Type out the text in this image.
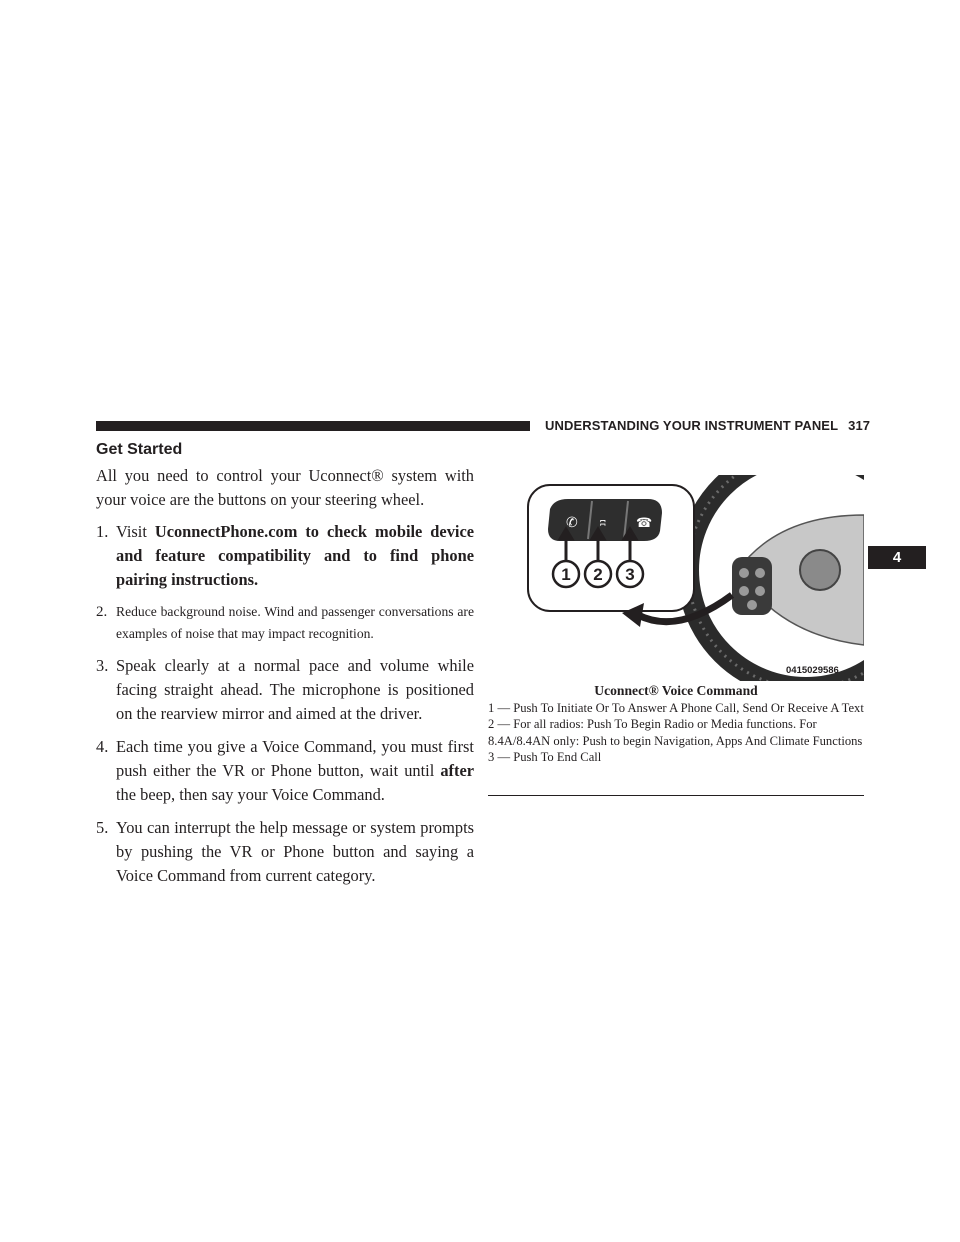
UNDERSTANDING YOUR INSTRUMENT PANEL 317
4
Get Started

All you need to control your Uconnect® system with your voice are the buttons on your steering wheel.

1. Visit UconnectPhone.com to check mobile device and feature compatibility and to find phone pairing instructions.
2. Reduce background noise. Wind and passenger conversations are examples of noise that may impact recognition.
3. Speak clearly at a normal pace and volume while facing straight ahead. The microphone is positioned on the rearview mirror and aimed at the driver.
4. Each time you give a Voice Command, you must first push either the VR or Phone button, wait until after the beep, then say your Voice Command.
5. You can interrupt the help message or system prompts by pushing the VR or Phone button and saying a Voice Command from current category.
✆ ʭ ☎
1 2 3
0415029586

Uconnect® Voice Command

1 — Push To Initiate Or To Answer A Phone Call, Send Or Receive A Text

2 — For all radios: Push To Begin Radio or Media functions. For 8.4A/8.4AN only: Push to begin Navigation, Apps And Climate Functions

3 — Push To End Call
